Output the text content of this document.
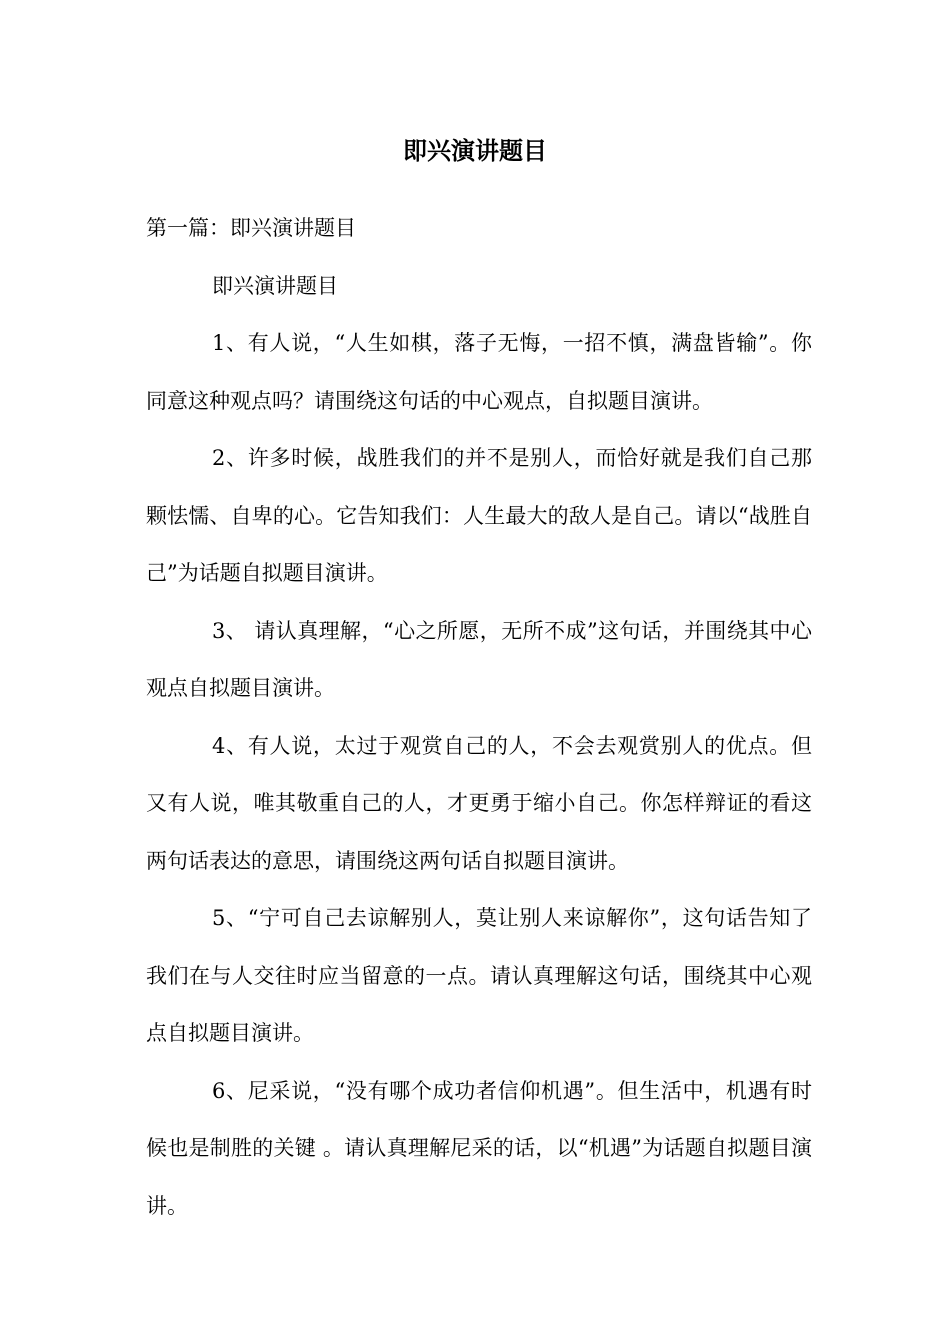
即兴演讲题目

第一篇：即兴演讲题目

即兴演讲题目

1、有人说，“人生如棋，落子无悔，一招不慎，满盘皆输”。你同意这种观点吗？请围绕这句话的中心观点，自拟题目演讲。

2、许多时候，战胜我们的并不是别人，而恰好就是我们自己那颗怯懦、自卑的心。它告知我们：人生最大的敌人是自己。请以“战胜自己”为话题自拟题目演讲。

3、 请认真理解，“心之所愿，无所不成”这句话，并围绕其中心观点自拟题目演讲。

4、有人说，太过于观赏自己的人，不会去观赏别人的优点。但又有人说，唯其敬重自己的人，才更勇于缩小自己。你怎样辩证的看这两句话表达的意思，请围绕这两句话自拟题目演讲。

5、“宁可自己去谅解别人，莫让别人来谅解你”，这句话告知了我们在与人交往时应当留意的一点。请认真理解这句话，围绕其中心观点自拟题目演讲。

6、尼采说，“没有哪个成功者信仰机遇”。但生活中，机遇有时候也是制胜的关键 。请认真理解尼采的话，以“机遇”为话题自拟题目演讲。
